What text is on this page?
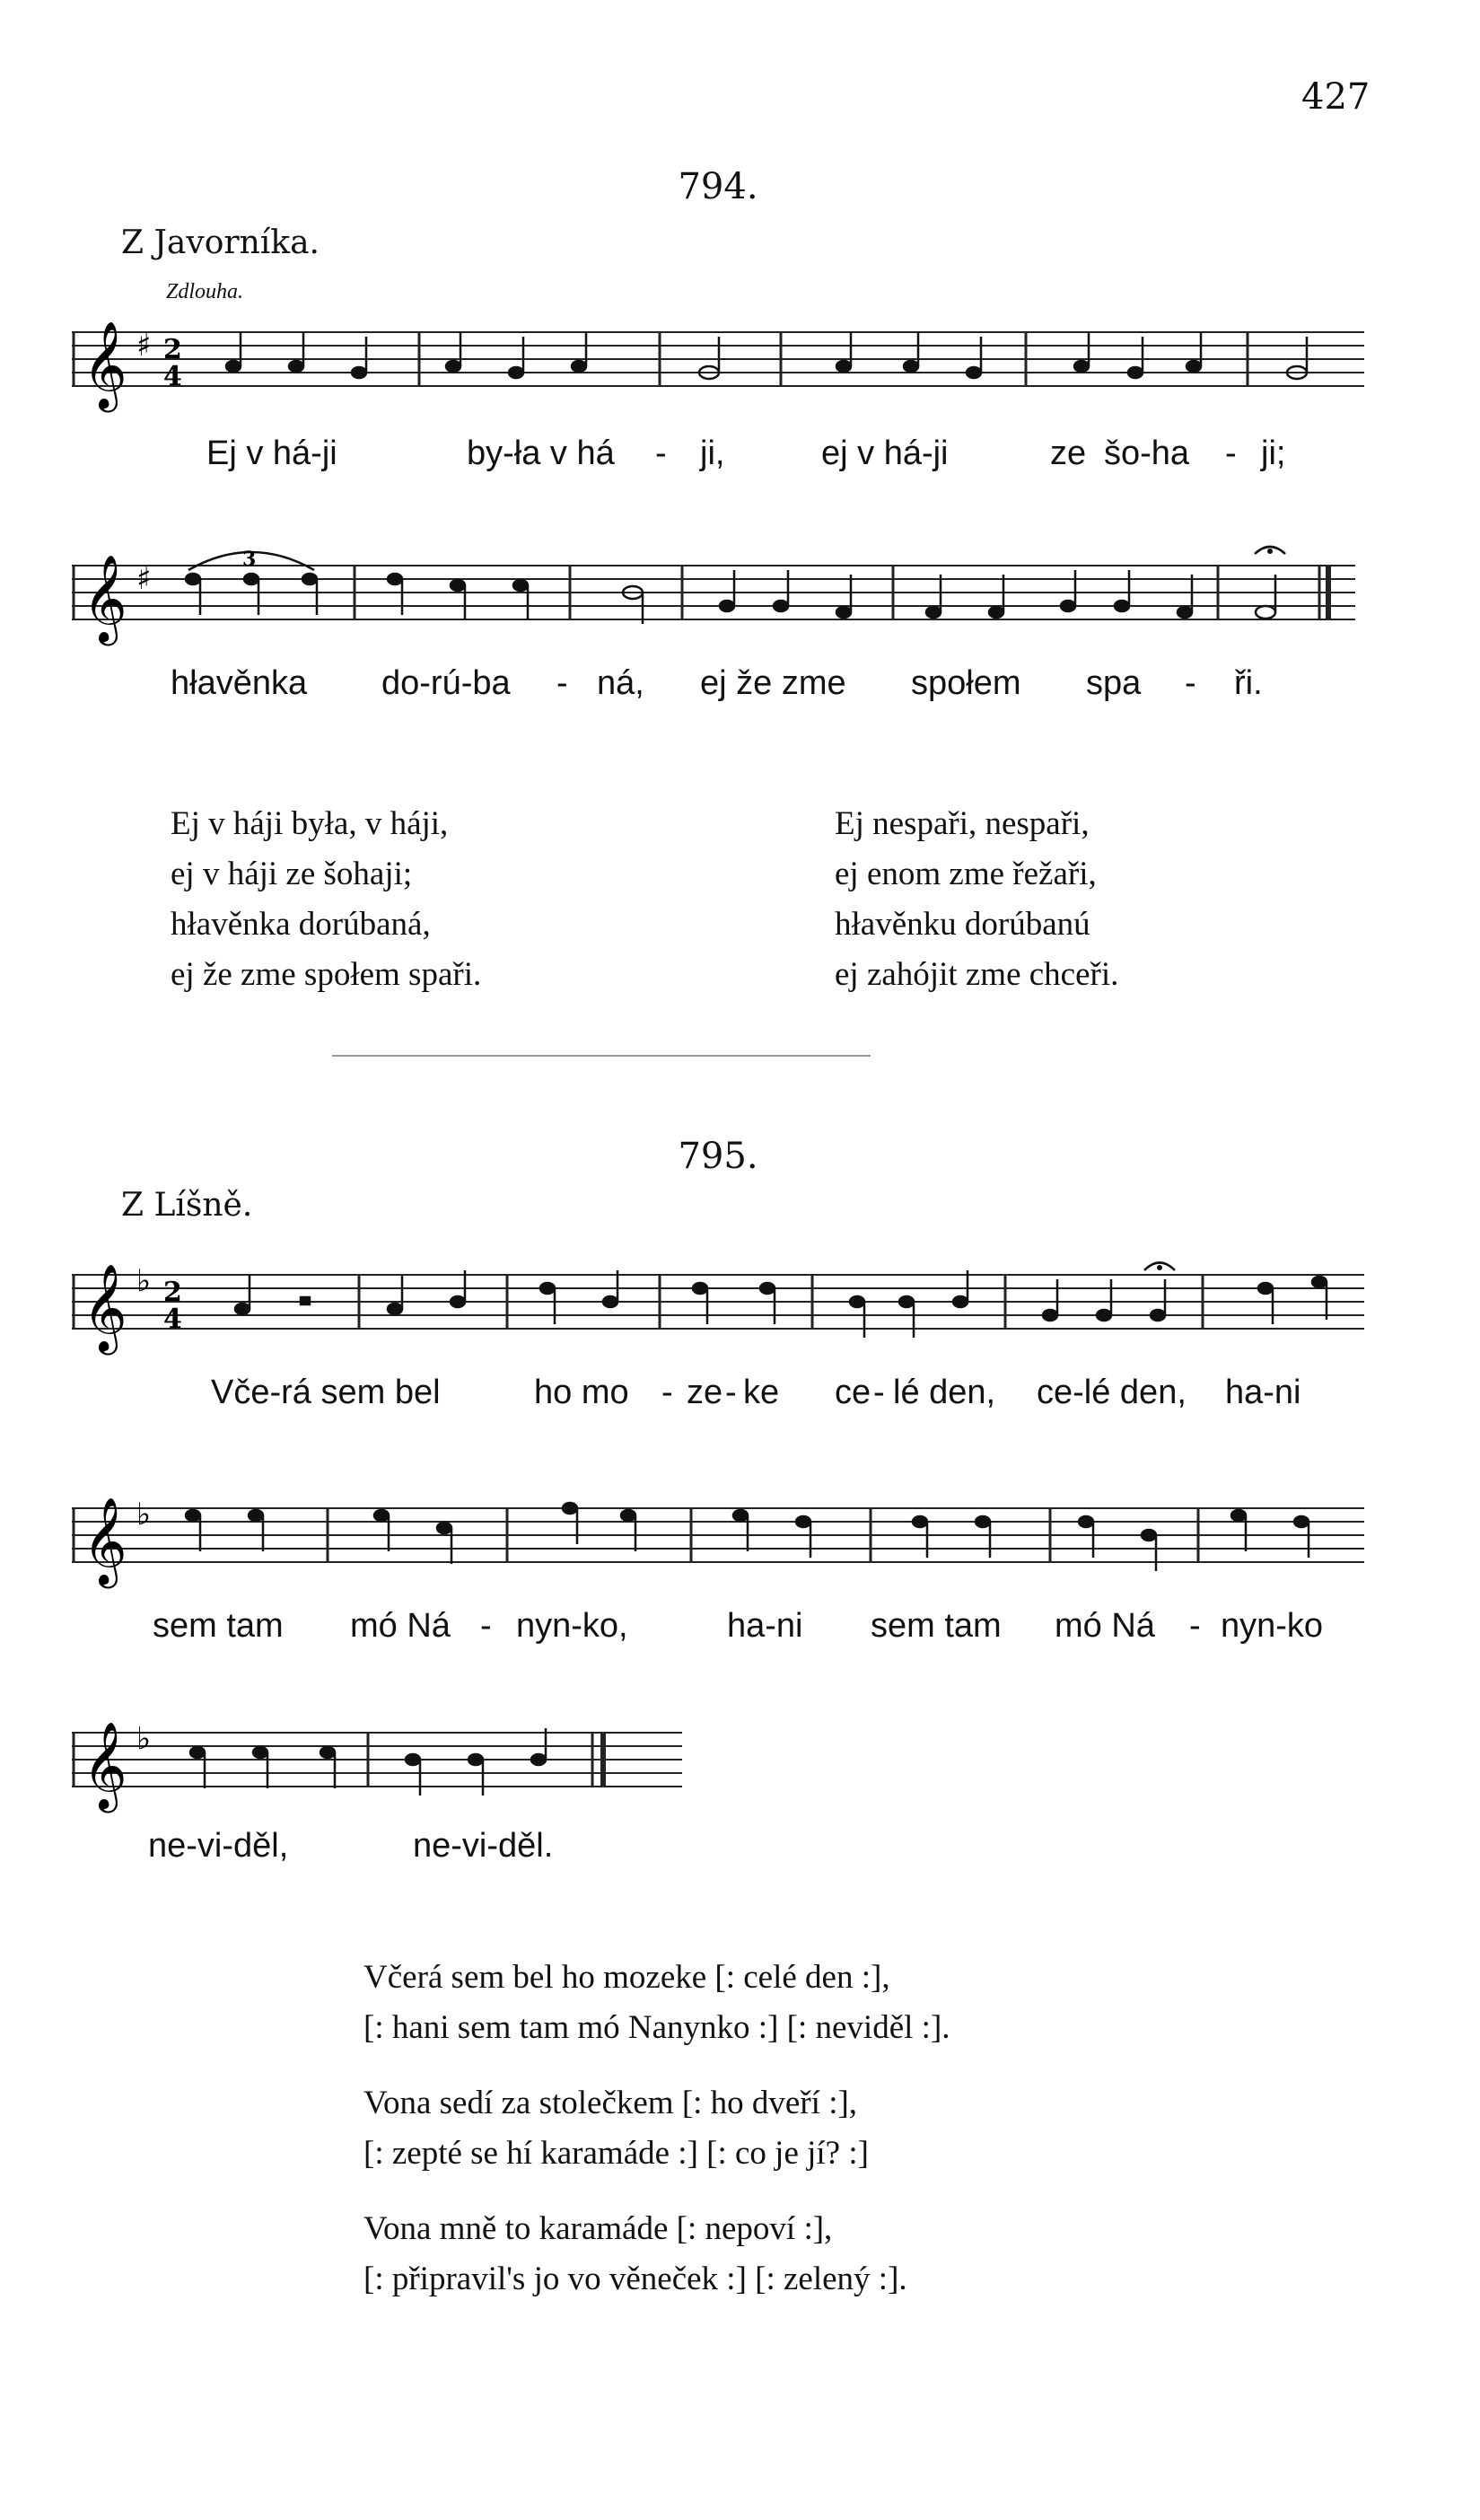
427
794.
Z Javorníka.
Zdlouha.
𝄞 ♯ 2
4
Ej v há-ji	by-ła v há - ji,	ej v há-ji	ze šo-ha - ji;
𝄞 ♯
3
hłavěnka do-rú-ba - ná, ej že zme społem spa - ři.
Ej v háji była, v háji,
ej v háji ze šohaji;
hłavěnka dorúbaná,
ej že zme społem spaři.
Ej nespaři, nespaři,
ej enom zme řežaři,
hłavěnku dorúbanú
ej zahójit zme chceři.
795.
Z Líšně.
𝄞 ♭ 2
4
Vče-rá sem bel	ho mo - ze - ke ce - lé den, ce-lé den, ha-ni
𝄞 ♭
sem tam mó Ná - nyn-ko,	ha-ni sem tam mó Ná - nyn-ko
𝄞 ♭
ne-vi-děl,	ne-vi-děl.
Včerá sem bel ho mozeke [: celé den :],
[: hani sem tam mó Nanynko :] [: neviděl :].
Vona sedí za stolečkem [: ho dveří :],
[: zepté se hí karamáde :] [: co je jí? :]
Vona mně to karamáde [: nepoví :],
[: připravil's jo vo věneček :] [: zelený :].
